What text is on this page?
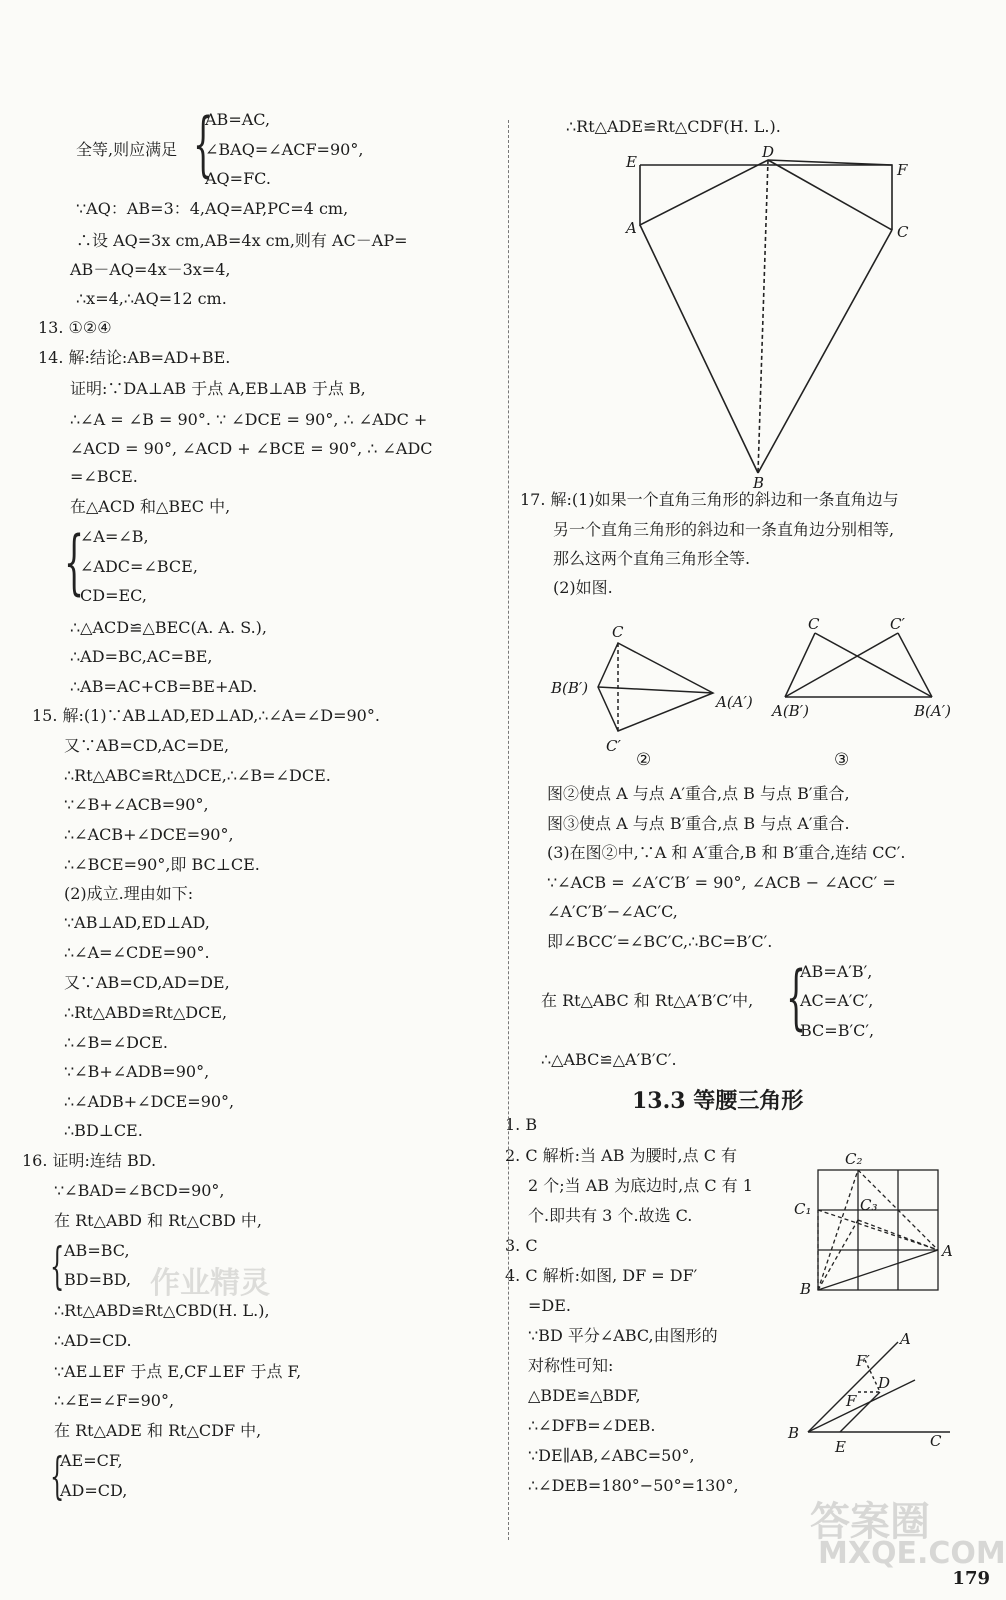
AB=AC,
全等,则应满足 ∠BAQ=∠ACF=90°,
AQ=FC.
∵AQ：AB=3：4,AQ=AP,PC=4 cm,
∴设 AQ=3x cm,AB=4x cm,则有 AC－AP=
AB－AQ=4x－3x=4,
∴x=4,∴AQ=12 cm.
13. ①②④
14. 解:结论:AB=AD+BE.
证明:∵DA⊥AB 于点 A,EB⊥AB 于点 B,
∴∠A = ∠B = 90°. ∵ ∠DCE = 90°, ∴ ∠ADC +
∠ACD = 90°, ∠ACD + ∠BCE = 90°, ∴ ∠ADC
=∠BCE.
在△ACD 和△BEC 中,
∠A=∠B,
∠ADC=∠BCE,
CD=EC,
∴△ACD≌△BEC(A. A. S.),
∴AD=BC,AC=BE,
∴AB=AC+CB=BE+AD.
15. 解:(1)∵AB⊥AD,ED⊥AD,∴∠A=∠D=90°.
又∵AB=CD,AC=DE,
∴Rt△ABC≌Rt△DCE,∴∠B=∠DCE.
∵∠B+∠ACB=90°,
∴∠ACB+∠DCE=90°,
∴∠BCE=90°,即 BC⊥CE.
(2)成立.理由如下:
∵AB⊥AD,ED⊥AD,
∴∠A=∠CDE=90°.
又∵AB=CD,AD=DE,
∴Rt△ABD≌Rt△DCE,
∴∠B=∠DCE.
∵∠B+∠ADB=90°,
∴∠ADB+∠DCE=90°,
∴BD⊥CE.
16. 证明:连结 BD.
∵∠BAD=∠BCD=90°,
在 Rt△ABD 和 Rt△CBD 中,
AB=BC,
BD=BD,
∴Rt△ABD≌Rt△CBD(H. L.),
∴AD=CD.
∵AE⊥EF 于点 E,CF⊥EF 于点 F,
∴∠E=∠F=90°,
在 Rt△ADE 和 Rt△CDF 中,
AE=CF,
AD=CD,
∴Rt△ADE≌Rt△CDF(H. L.).
17. 解:(1)如果一个直角三角形的斜边和一条直角边与
另一个直角三角形的斜边和一条直角边分别相等,
那么这两个直角三角形全等.
(2)如图.
图②使点 A 与点 A′重合,点 B 与点 B′重合,
图③使点 A 与点 B′重合,点 B 与点 A′重合.
(3)在图②中,∵A 和 A′重合,B 和 B′重合,连结 CC′.
∵∠ACB = ∠A′C′B′ = 90°, ∠ACB − ∠ACC′ =
∠A′C′B′−∠AC′C,
即∠BCC′=∠BC′C,∴BC=B′C′.
AB=A′B′,
在 Rt△ABC 和 Rt△A′B′C′中,	AC=A′C′,
BC=B′C′,
∴△ABC≌△A′B′C′.
1. B
2. C 解析:当 AB 为腰时,点 C 有
2 个;当 AB 为底边时,点 C 有 1
个.即共有 3 个.故选 C.
3. C
4. C 解析:如图, DF = DF′
=DE.
∵BD 平分∠ABC,由图形的
对称性可知:
△BDE≌△BDF,
∴∠DFB=∠DEB.
∵DE∥AB,∠ABC=50°,
∴∠DEB=180°−50°=130°,
{
{
{
{
{
13.3 等腰三角形
E
D
F
A	C
B
C
B(B′)
A(A′)
C′
②
C	C′
A(B′)	B(A′)
③
C₂
C₁	C₃
A
B
A
F′
F
D
B
E	C
作业精灵
答案圈
MXQE.COM
179
